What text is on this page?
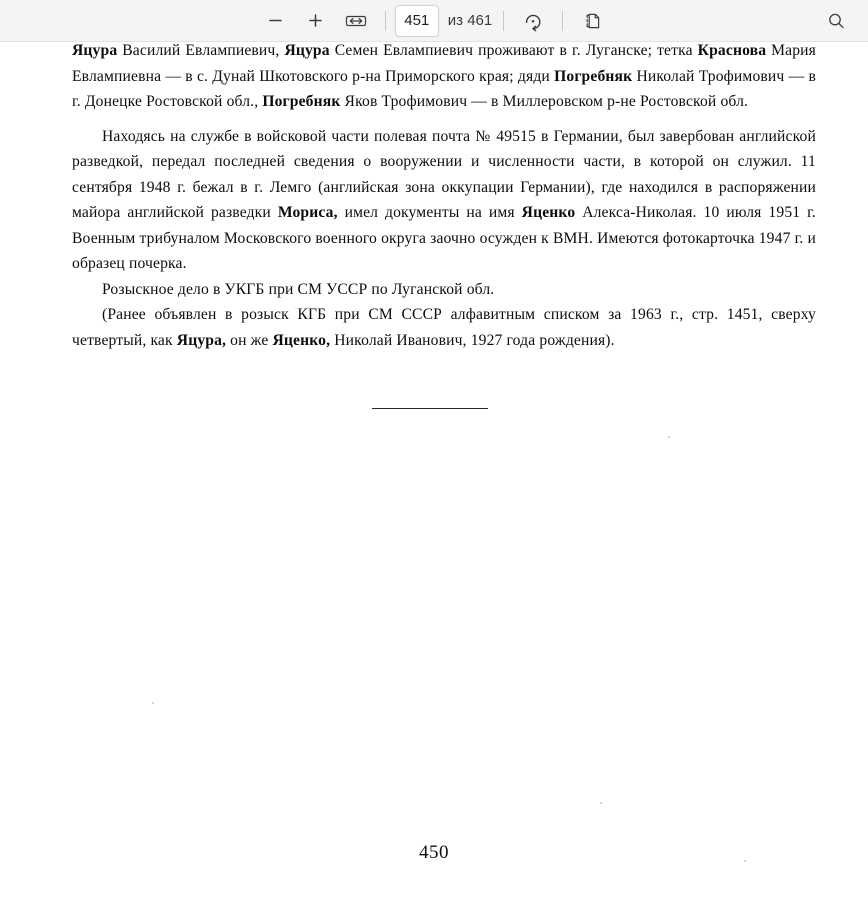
451	из 461

Яцура Василий Евлампиевич, Яцура Семен Евлампиевич проживают в г. Луганске; тетка Краснова Мария Евлампиевна — в с. Дунай Шкотовского р-на Приморского края; дяди Погребняк Николай Трофимович — в г. Донецке Ростовской обл., Погребняк Яков Трофимович — в Миллеровском р-не Ростовской обл.

Находясь на службе в войсковой части полевая почта № 49515 в Германии, был завербован английской разведкой, передал последней сведения о вооружении и численности части, в которой он служил. 11 сентября 1948 г. бежал в г. Лемго (английская зона оккупации Германии), где находился в распоряжении майора английской разведки Мориса, имел документы на имя Яценко Алекса-Николая. 10 июля 1951 г. Военным трибуналом Московского военного округа заочно осужден к ВМН. Имеются фотокарточка 1947 г. и образец почерка.

Розыскное дело в УКГБ при СМ УССР по Луганской обл.

(Ранее объявлен в розыск КГБ при СМ СССР алфавитным списком за 1963 г., стр. 1451, сверху четвертый, как Яцура, он же Яценко, Николай Иванович, 1927 года рождения).

450
